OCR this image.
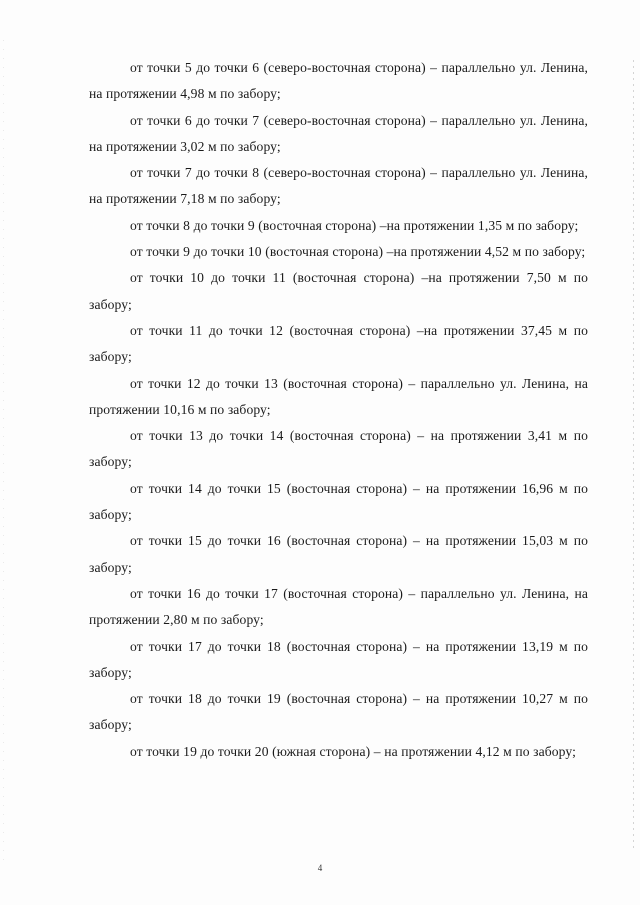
от точки 5 до точки 6 (северо-восточная сторона) – параллельно ул. Ленина, на протяжении 4,98 м по забору;

от точки 6 до точки 7 (северо-восточная сторона) – параллельно ул. Ленина, на протяжении 3,02 м по забору;

от точки 7 до точки 8 (северо-восточная сторона) – параллельно ул. Ленина, на протяжении 7,18 м по забору;

от точки 8 до точки 9 (восточная сторона) –на протяжении 1,35 м по забору;

от точки 9 до точки 10 (восточная сторона) –на протяжении 4,52 м по забору;

от точки 10 до точки 11 (восточная сторона) –на протяжении 7,50 м по забору;

от точки 11 до точки 12 (восточная сторона) –на протяжении 37,45 м по забору;

от точки 12 до точки 13 (восточная сторона) – параллельно ул. Ленина, на протяжении 10,16 м по забору;

от точки 13 до точки 14 (восточная сторона) – на протяжении 3,41 м по забору;

от точки 14 до точки 15 (восточная сторона) – на протяжении 16,96 м по забору;

от точки 15 до точки 16 (восточная сторона) – на протяжении 15,03 м по забору;

от точки 16 до точки 17 (восточная сторона) – параллельно ул. Ленина, на протяжении 2,80 м по забору;

от точки 17 до точки 18 (восточная сторона) – на протяжении 13,19 м по забору;

от точки 18 до точки 19 (восточная сторона) – на протяжении 10,27 м по забору;

от точки 19 до точки 20 (южная сторона) – на протяжении 4,12 м по забору;

4
